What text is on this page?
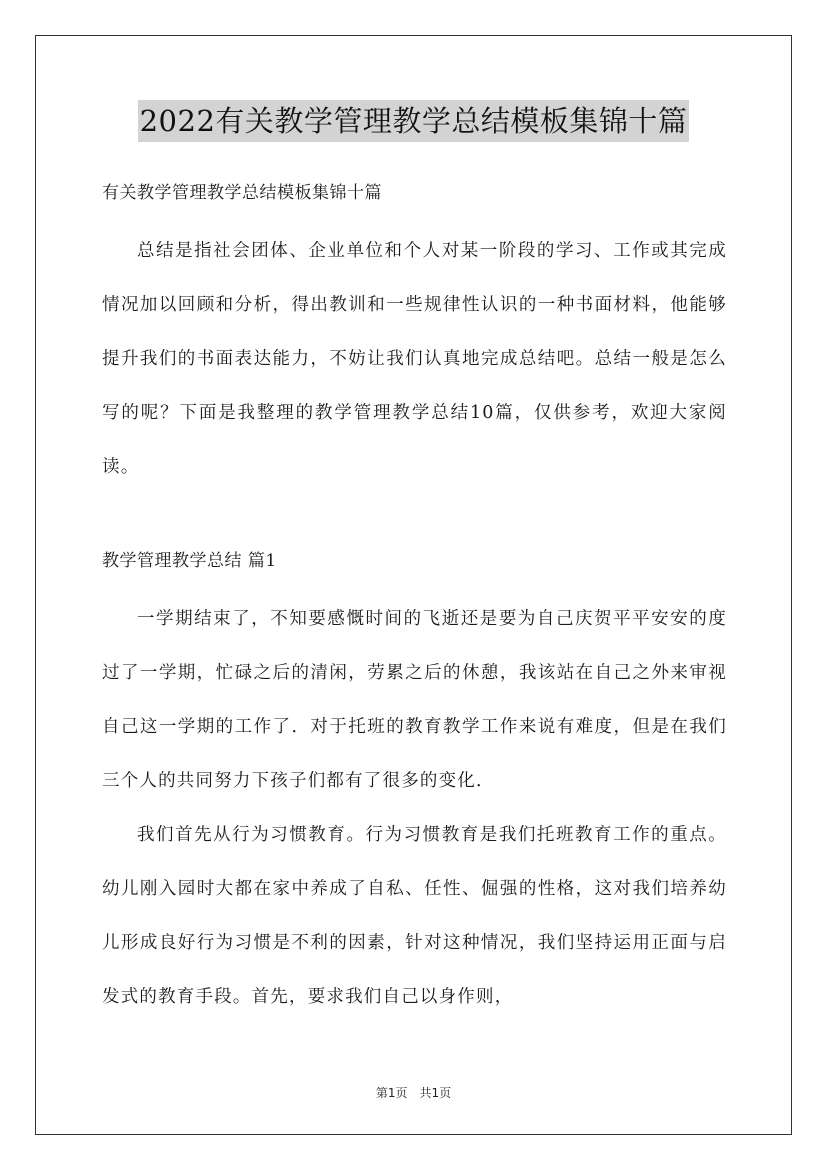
2022有关教学管理教学总结模板集锦十篇

有关教学管理教学总结模板集锦十篇

总结是指社会团体、企业单位和个人对某一阶段的学习、工作或其完成情况加以回顾和分析，得出教训和一些规律性认识的一种书面材料，他能够提升我们的书面表达能力，不妨让我们认真地完成总结吧。总结一般是怎么写的呢？下面是我整理的教学管理教学总结10篇，仅供参考，欢迎大家阅读。

教学管理教学总结 篇1

一学期结束了，不知要感慨时间的飞逝还是要为自己庆贺平平安安的度过了一学期，忙碌之后的清闲，劳累之后的休憩，我该站在自己之外来审视自己这一学期的工作了．对于托班的教育教学工作来说有难度，但是在我们三个人的共同努力下孩子们都有了很多的变化．

我们首先从行为习惯教育。行为习惯教育是我们托班教育工作的重点。幼儿刚入园时大都在家中养成了自私、任性、倔强的性格，这对我们培养幼儿形成良好行为习惯是不利的因素，针对这种情况，我们坚持运用正面与启发式的教育手段。首先，要求我们自己以身作则，

第1页 共1页
